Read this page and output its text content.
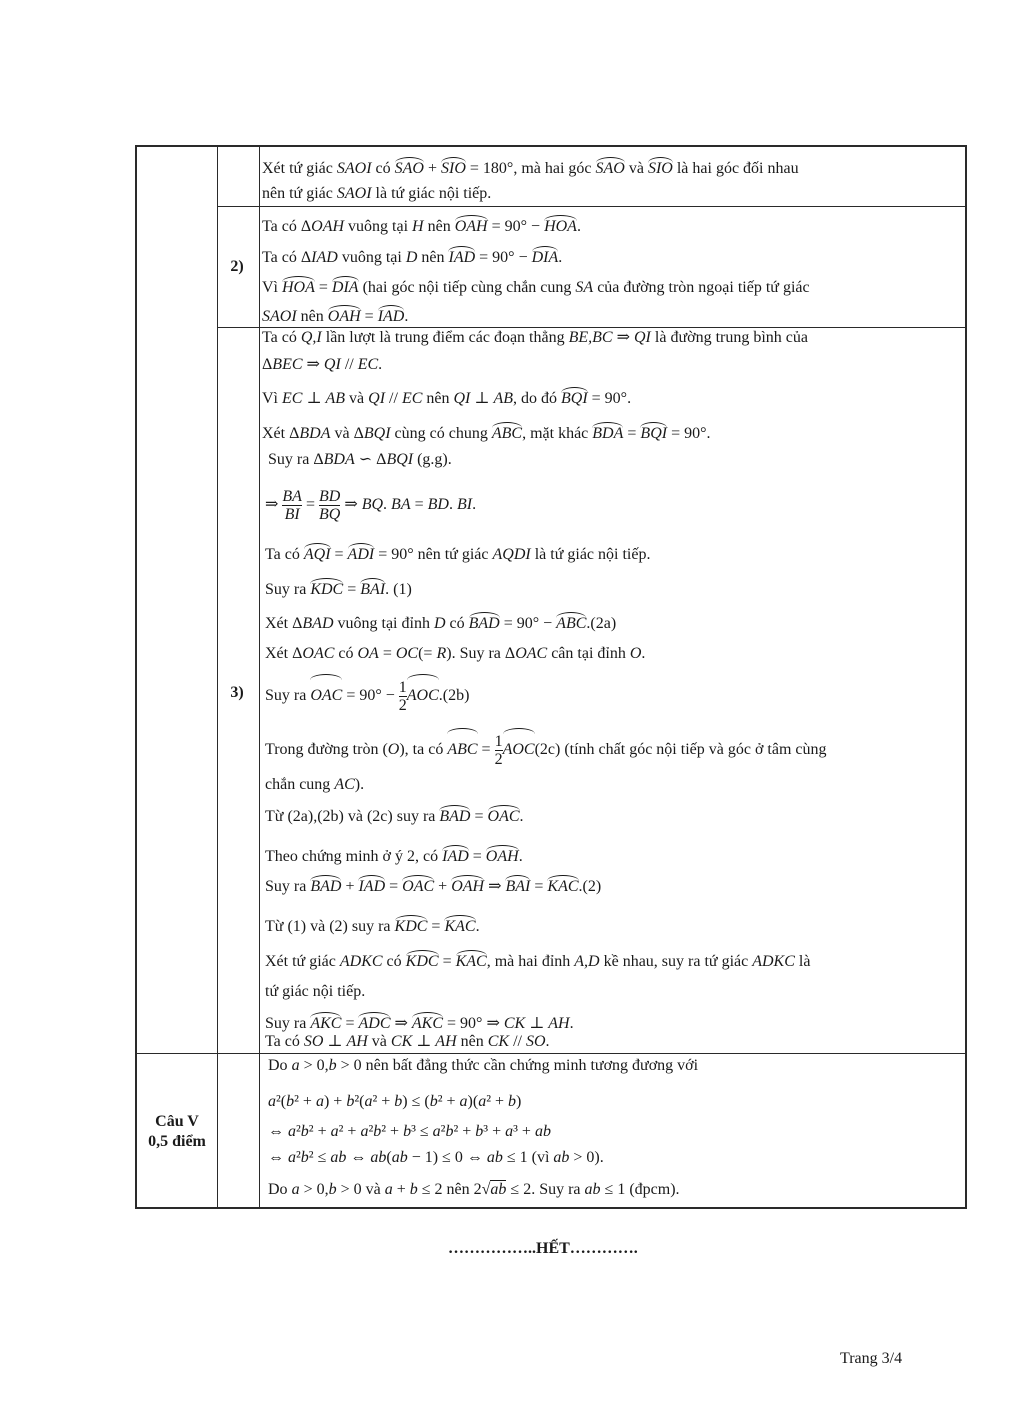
2)
3)
Câu V
0,5 điểm
Xét tứ giác SAOI có SAO + SIO = 180°, mà hai góc SAO và SIO là hai góc đối nhau
nên tứ giác SAOI là tứ giác nội tiếp.
Ta có ΔOAH vuông tại H nên OAH = 90° − HOA.
Ta có ΔIAD vuông tại D nên IAD = 90° − DIA.
Vì HOA = DIA (hai góc nội tiếp cùng chắn cung SA của đường tròn ngoại tiếp tứ giác
SAOI nên OAH = IAD.
Ta có Q,I lần lượt là trung điểm các đoạn thẳng BE,BC ⇒ QI là đường trung bình của
ΔBEC ⇒ QI // EC.
Vì EC ⊥ AB và QI // EC nên QI ⊥ AB, do đó BQI = 90°.
Xét ΔBDA và ΔBQI cùng có chung ABC, mặt khác BDA = BQI = 90°.
Suy ra ΔBDA ∽ ΔBQI (g.g).
⇒ $\frac{BA}{BI} = \frac{BD}{BQ}$ ⇒ BQ. BA = BD. BI.
Ta có AQI = ADI = 90° nên tứ giác AQDI là tứ giác nội tiếp.
Suy ra KDC = BAI. (1)
Xét ΔBAD vuông tại đỉnh D có BAD = 90° − ABC.(2a)
Xét ΔOAC có OA = OC(= R). Suy ra ΔOAC cân tại đỉnh O.
Suy ra OAC = $90^\circ - \frac{1}{2} AOC.(2b)$
Trong đường tròn (O), ta có ABC = $\frac{1}{2} AOC(2c)$ (tính chất góc nội tiếp và góc ở tâm cùng
chắn cung AC).
Từ (2a),(2b) và (2c) suy ra BAD = OAC.
Theo chứng minh ở ý 2, có IAD = OAH.
Suy ra BAD + IAD = OAC + OAH ⇒ BAI = KAC.(2)
Từ (1) và (2) suy ra KDC = KAC.
Xét tứ giác ADKC có KDC = KAC, mà hai đỉnh A,D kề nhau, suy ra tứ giác ADKC là
tứ giác nội tiếp.
Suy ra AKC = ADC ⇒ AKC = 90° ⇒ CK ⊥ AH.
Ta có SO ⊥ AH và CK ⊥ AH nên CK // SO.
Do a > 0,b > 0 nên bất đẳng thức cần chứng minh tương đương với
a²(b² + a) + b²(a² + b) ≤ (b² + a)(a² + b)
⇔ a²b² + a² + a²b² + b³ ≤ a²b² + b³ + a³ + ab
⇔ a²b² ≤ ab ⇔ ab(ab − 1) ≤ 0 ⇔ ab ≤ 1 (vì ab > 0).
Do a > 0,b > 0 và a + b ≤ 2 nên 2√ab ≤ 2. Suy ra ab ≤ 1 (đpcm).
……………..HẾT………….
Trang 3/4
